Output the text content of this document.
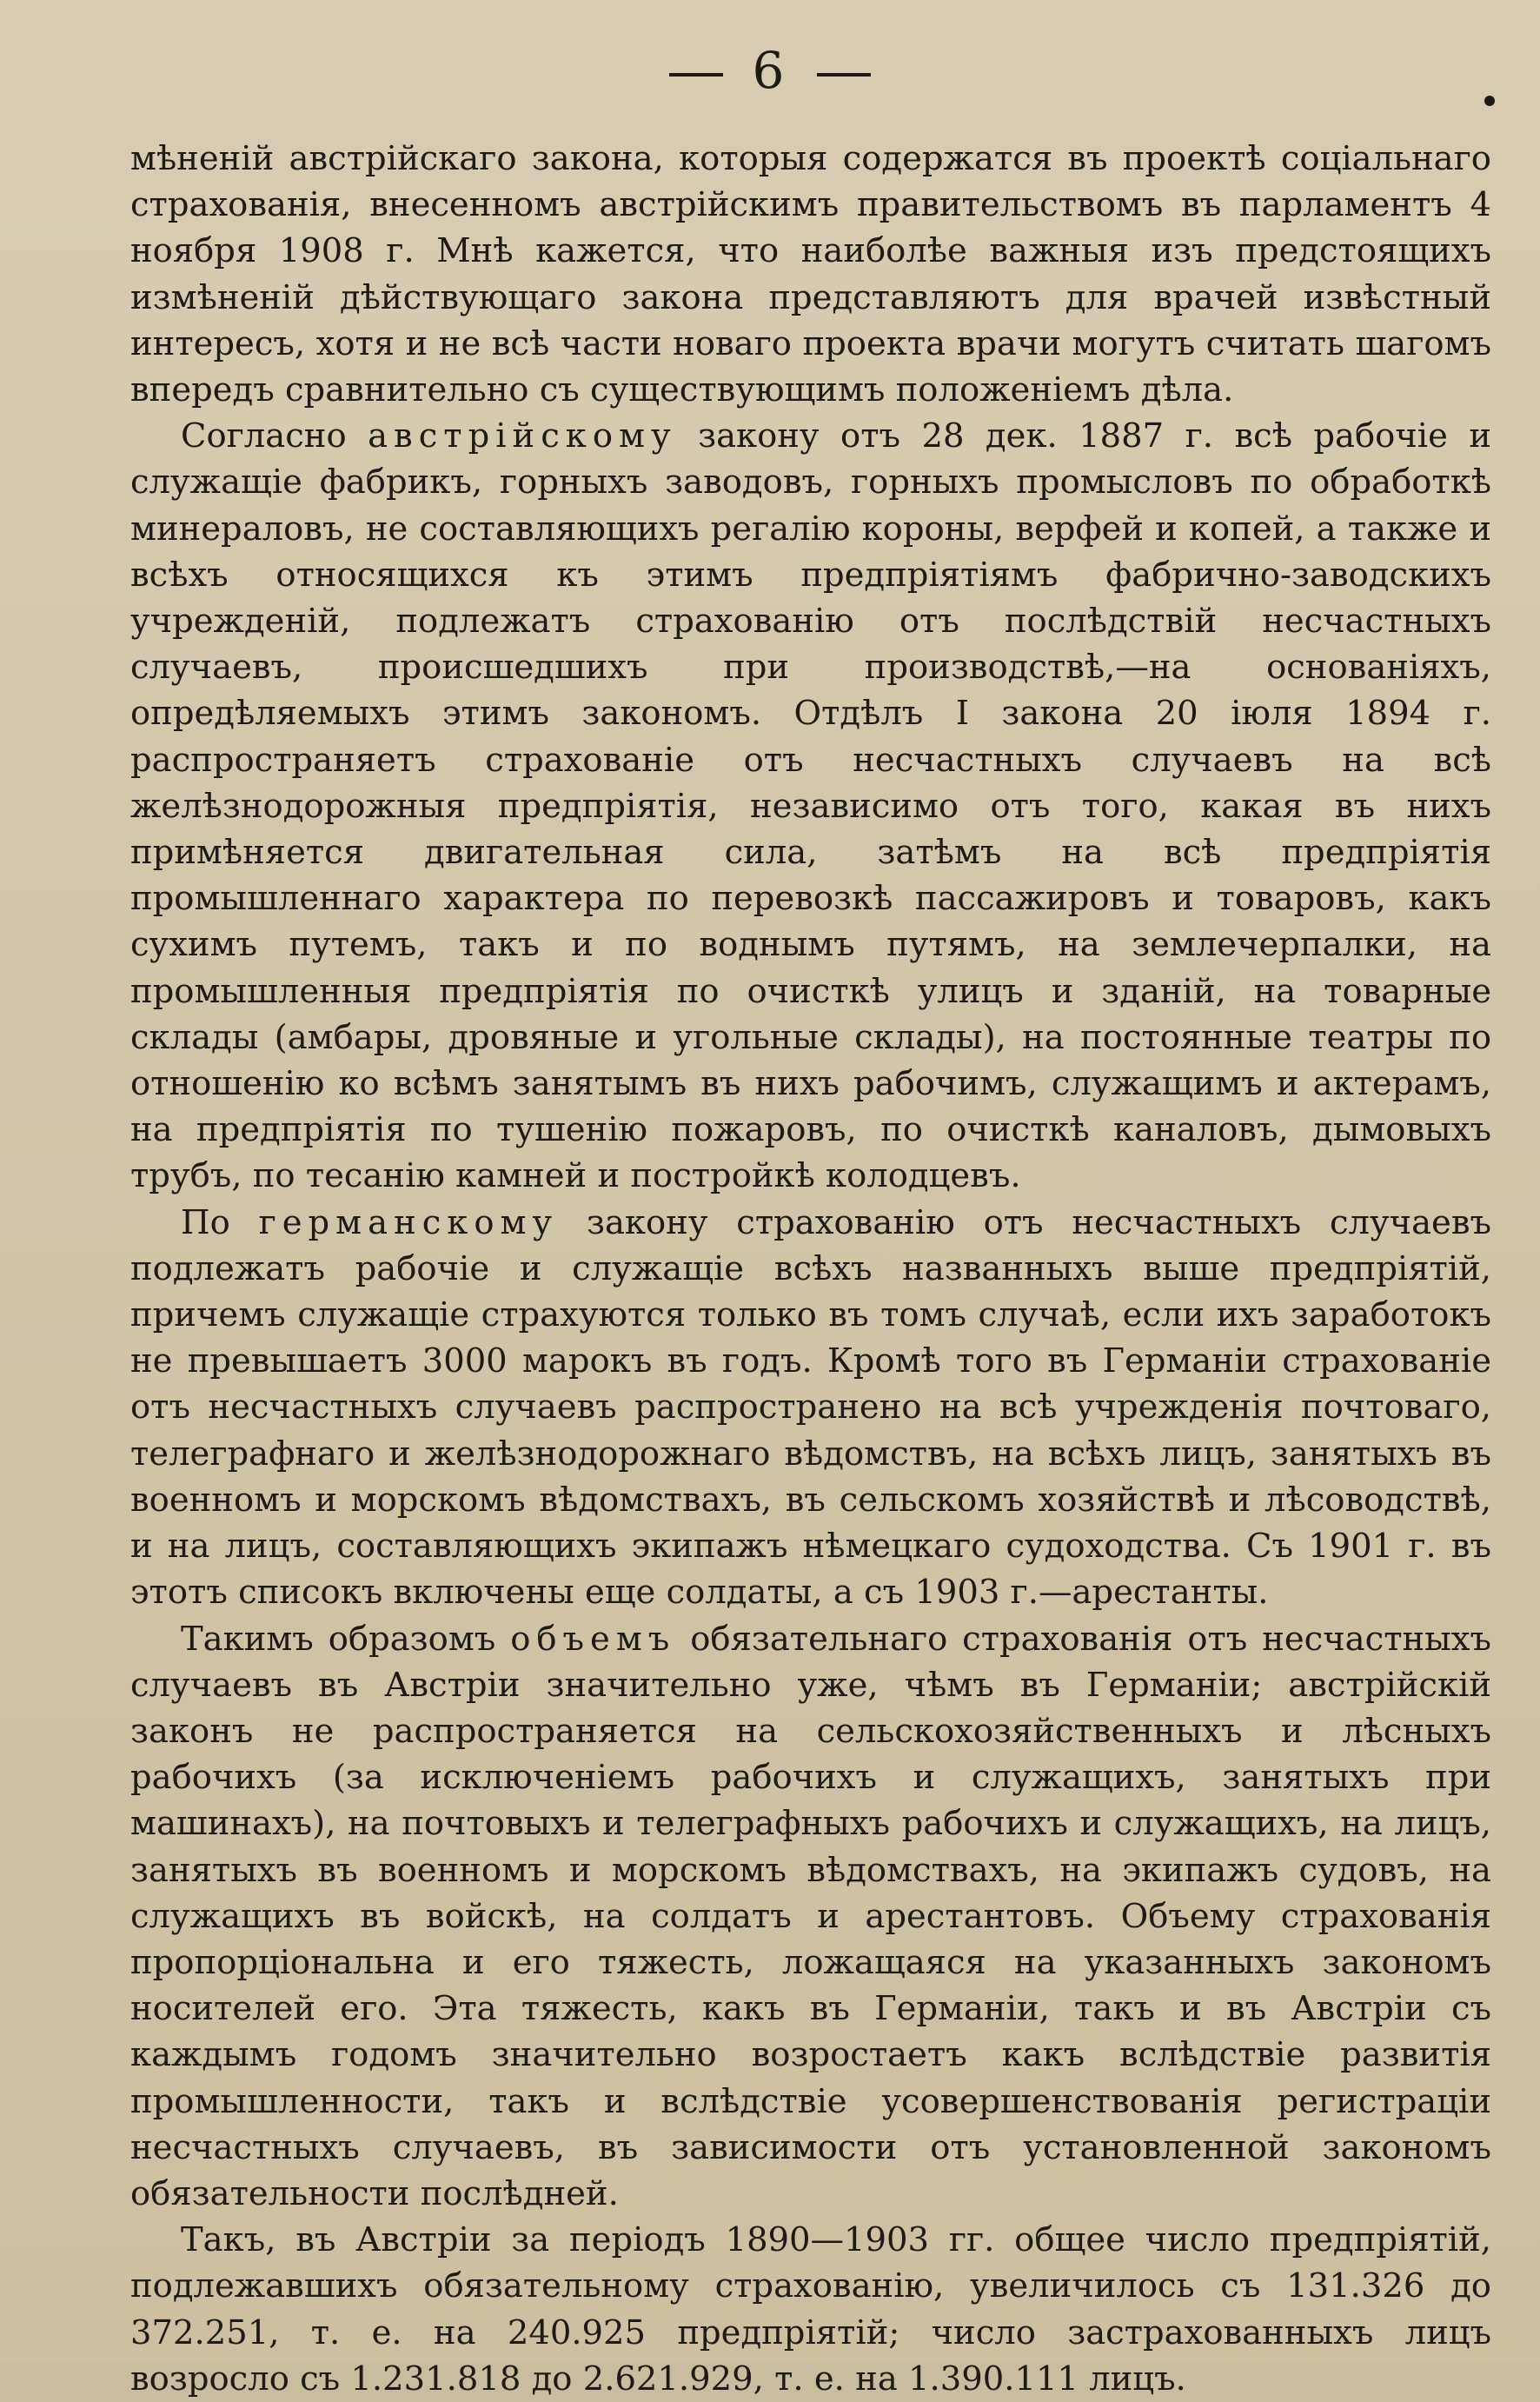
6

мѣненій австрійскаго закона, которыя содержатся въ проектѣ соціальнаго страхованія, внесенномъ австрійскимъ правительствомъ въ парламентъ 4 ноября 1908 г. Мнѣ кажется, что наиболѣе важныя изъ предстоящихъ измѣненій дѣйствующаго закона представляютъ для врачей извѣстный интересъ, хотя и не всѣ части новаго проекта врачи могутъ считать шагомъ впередъ сравнительно съ существующимъ положеніемъ дѣла.

Согласно австрійскому закону отъ 28 дек. 1887 г. всѣ рабочіе и служащіе фабрикъ, горныхъ заводовъ, горныхъ промысловъ по обработкѣ минераловъ, не составляющихъ регалію короны, верфей и копей, а также и всѣхъ относящихся къ этимъ предпріятіямъ фабрично-заводскихъ учрежденій, подлежатъ страхованію отъ послѣдствій несчастныхъ случаевъ, происшедшихъ при производствѣ,—на основаніяхъ, опредѣляемыхъ этимъ закономъ. Отдѣлъ I закона 20 іюля 1894 г. распространяетъ страхованіе отъ несчастныхъ случаевъ на всѣ желѣзнодорожныя предпріятія, независимо отъ того, какая въ нихъ примѣняется двигательная сила, затѣмъ на всѣ предпріятія промышленнаго характера по перевозкѣ пассажировъ и товаровъ, какъ сухимъ путемъ, такъ и по воднымъ путямъ, на землечерпалки, на промышленныя предпріятія по очисткѣ улицъ и зданій, на товарные склады (амбары, дровяные и угольные склады), на постоянные театры по отношенію ко всѣмъ занятымъ въ нихъ рабочимъ, служащимъ и актерамъ, на предпріятія по тушенію пожаровъ, по очисткѣ каналовъ, дымовыхъ трубъ, по тесанію камней и постройкѣ колодцевъ.

По германскому закону страхованію отъ несчастныхъ случаевъ подлежатъ рабочіе и служащіе всѣхъ названныхъ выше предпріятій, причемъ служащіе страхуются только въ томъ случаѣ, если ихъ заработокъ не превышаетъ 3000 марокъ въ годъ. Кромѣ того въ Германіи страхованіе отъ несчастныхъ случаевъ распространено на всѣ учрежденія почтоваго, телеграфнаго и желѣзнодорожнаго вѣдомствъ, на всѣхъ лицъ, занятыхъ въ военномъ и морскомъ вѣдомствахъ, въ сельскомъ хозяйствѣ и лѣсоводствѣ, и на лицъ, составляющихъ экипажъ нѣмецкаго судоходства. Съ 1901 г. въ этотъ списокъ включены еще солдаты, а съ 1903 г.—арестанты.

Такимъ образомъ объемъ обязательнаго страхованія отъ несчастныхъ случаевъ въ Австріи значительно уже, чѣмъ въ Германіи; австрійскій законъ не распространяется на сельскохозяйственныхъ и лѣсныхъ рабочихъ (за исключеніемъ рабочихъ и служащихъ, занятыхъ при машинахъ), на почтовыхъ и телеграфныхъ рабочихъ и служащихъ, на лицъ, занятыхъ въ военномъ и морскомъ вѣдомствахъ, на экипажъ судовъ, на служащихъ въ войскѣ, на солдатъ и арестантовъ. Объему страхованія пропорціональна и его тяжесть, ложащаяся на указанныхъ закономъ носителей его. Эта тяжесть, какъ въ Германіи, такъ и въ Австріи съ каждымъ годомъ значительно возростаетъ какъ вслѣдствіе развитія промышленности, такъ и вслѣдствіе усовершенствованія регистраціи несчастныхъ случаевъ, въ зависимости отъ установленной закономъ обязательности послѣдней.

Такъ, въ Австріи за періодъ 1890—1903 гг. общее число предпріятій, подлежавшихъ обязательному страхованію, увеличилось съ 131.326 до 372.251, т. е. на 240.925 предпріятій; число застрахованныхъ лицъ возросло съ 1.231.818 до 2.621.929, т. е. на 1.390.111 лицъ.
